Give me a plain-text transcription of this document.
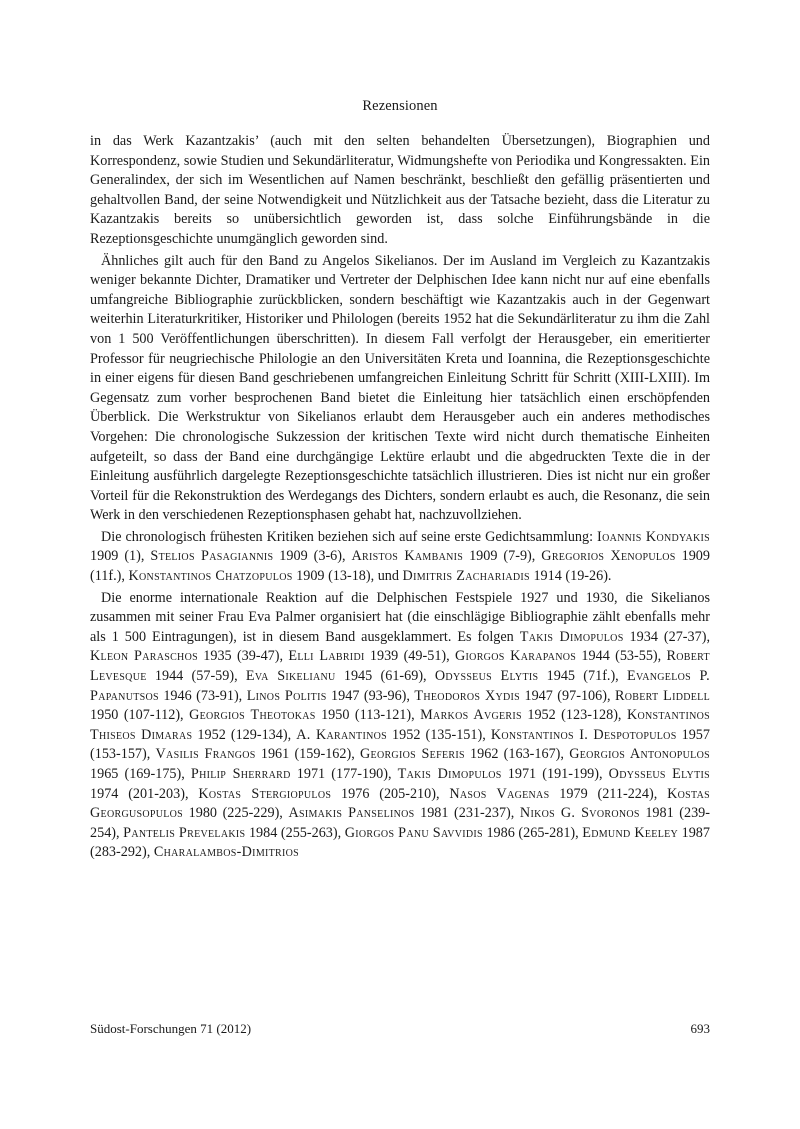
Rezensionen

in das Werk Kazantzakis’ (auch mit den selten behandelten Übersetzungen), Biographien und Korrespondenz, sowie Studien und Sekundärliteratur, Widmungshefte von Periodika und Kongressakten. Ein Generalindex, der sich im Wesentlichen auf Namen beschränkt, beschließt den gefällig präsentierten und gehaltvollen Band, der seine Notwendigkeit und Nützlichkeit aus der Tatsache bezieht, dass die Literatur zu Kazantzakis bereits so unübersichtlich geworden ist, dass solche Einführungsbände in die Rezeptionsgeschichte unumgänglich geworden sind.

Ähnliches gilt auch für den Band zu Angelos Sikelianos. Der im Ausland im Vergleich zu Kazantzakis weniger bekannte Dichter, Dramatiker und Vertreter der Delphischen Idee kann nicht nur auf eine ebenfalls umfangreiche Bibliographie zurückblicken, sondern beschäftigt wie Kazantzakis auch in der Gegenwart weiterhin Literaturkritiker, Historiker und Philologen (bereits 1952 hat die Sekundärliteratur zu ihm die Zahl von 1 500 Veröffentlichungen überschritten). In diesem Fall verfolgt der Herausgeber, ein emeritierter Professor für neugriechische Philologie an den Universitäten Kreta und Ioannina, die Rezeptionsgeschichte in einer eigens für diesen Band geschriebenen umfangreichen Einleitung Schritt für Schritt (XIII-LXIII). Im Gegensatz zum vorher besprochenen Band bietet die Einleitung hier tatsächlich einen erschöpfenden Überblick. Die Werkstruktur von Sikelianos erlaubt dem Herausgeber auch ein anderes methodisches Vorgehen: Die chronologische Sukzession der kritischen Texte wird nicht durch thematische Einheiten aufgeteilt, so dass der Band eine durchgängige Lektüre erlaubt und die abgedruckten Texte die in der Einleitung ausführlich dargelegte Rezeptionsgeschichte tatsächlich illustrieren. Dies ist nicht nur ein großer Vorteil für die Rekonstruktion des Werdegangs des Dichters, sondern erlaubt es auch, die Resonanz, die sein Werk in den verschiedenen Rezeptionsphasen gehabt hat, nachzuvollziehen.

Die chronologisch frühesten Kritiken beziehen sich auf seine erste Gedichtsammlung: Ioannis Kondyakis 1909 (1), Stelios Pasagiannis 1909 (3-6), Aristos Kambanis 1909 (7-9), Gregorios Xenopulos 1909 (11f.), Konstantinos Chatzopulos 1909 (13-18), und Dimitris Zachariadis 1914 (19-26).

Die enorme internationale Reaktion auf die Delphischen Festspiele 1927 und 1930, die Sikelianos zusammen mit seiner Frau Eva Palmer organisiert hat (die einschlägige Bibliographie zählt ebenfalls mehr als 1 500 Eintragungen), ist in diesem Band ausgeklammert. Es folgen Takis Dimopulos 1934 (27-37), Kleon Paraschos 1935 (39-47), Elli Labridi 1939 (49-51), Giorgos Karapanos 1944 (53-55), Robert Levesque 1944 (57-59), Eva Sikelianu 1945 (61-69), Odysseus Elytis 1945 (71f.), Evangelos P. Papanutsos 1946 (73-91), Linos Politis 1947 (93-96), Theodoros Xydis 1947 (97-106), Robert Liddell 1950 (107-112), Georgios Theotokas 1950 (113-121), Markos Avgeris 1952 (123-128), Konstantinos Thiseos Dimaras 1952 (129-134), A. Karantinos 1952 (135-151), Konstantinos I. Despotopulos 1957 (153-157), Vasilis Frangos 1961 (159-162), Georgios Seferis 1962 (163-167), Georgios Antonopulos 1965 (169-175), Philip Sherrard 1971 (177-190), Takis Dimopulos 1971 (191-199), Odysseus Elytis 1974 (201-203), Kostas Stergiopulos 1976 (205-210), Nasos Vagenas 1979 (211-224), Kostas Georgusopulos 1980 (225-229), Asimakis Panselinos 1981 (231-237), Nikos G. Svoronos 1981 (239-254), Pantelis Prevelakis 1984 (255-263), Giorgos Panu Savvidis 1986 (265-281), Edmund Keeley 1987 (283-292), Charalambos-Dimitrios

Südost-Forschungen 71 (2012)	693
